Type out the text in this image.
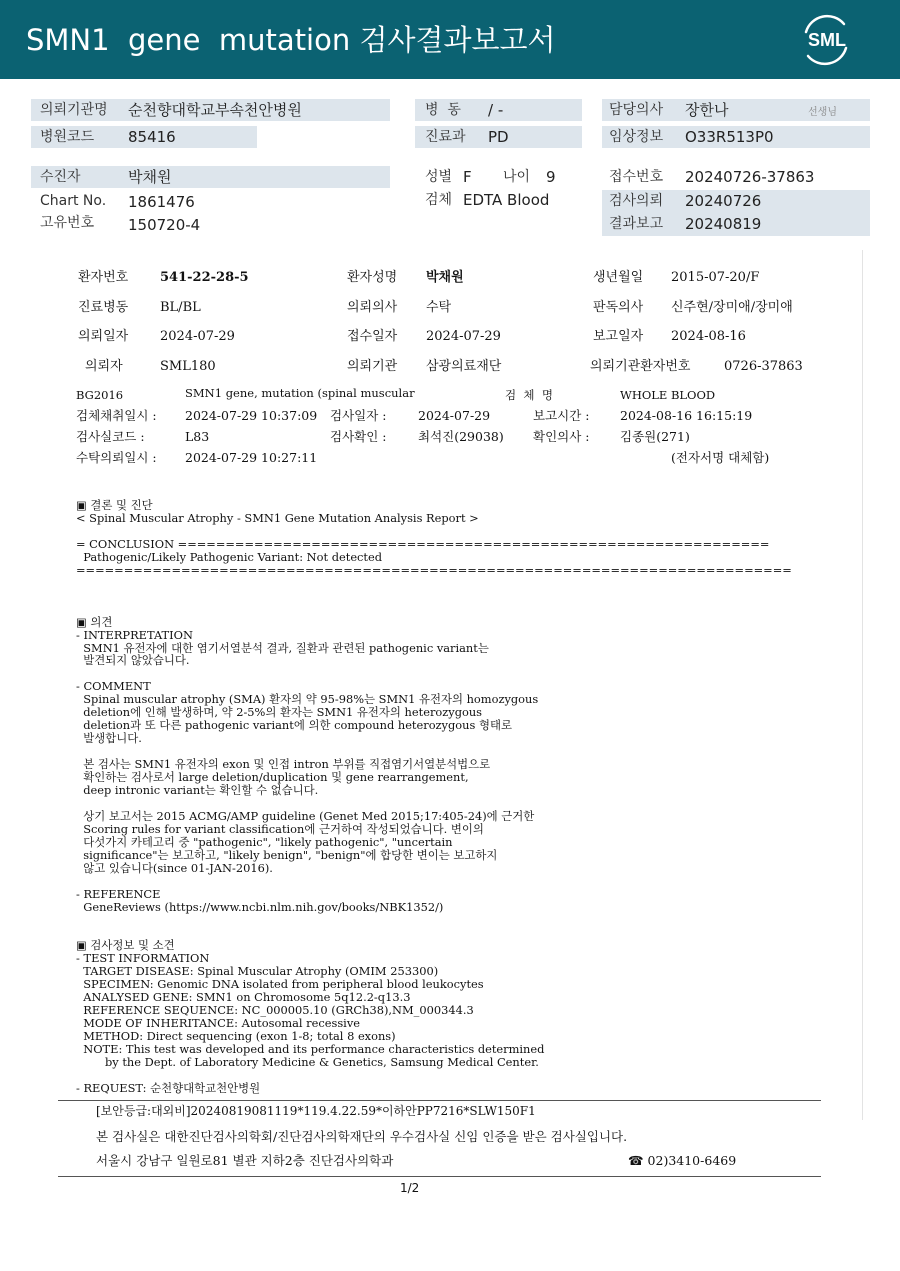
SMN1  gene  mutation 검사결과보고서	SML
의뢰기관명 순천향대학교부속천안병원
병원코드 85416
병  동 / -
진료과 PD
담당의사 장한나	선생님
임상정보 O33R513P0
수진자	박채원
Chart No. 1861476
고유번호 150720-4
성별 F 나이 9
검체 EDTA Blood
접수번호 20240726-37863
검사의뢰 20240726
결과보고 20240819
환자번호 541-22-28-5	환자성명 박채원	생년월일 2015-07-20/F
진료병동 BL/BL	의뢰의사 수탁	판독의사 신주현/장미애/장미애
의뢰일자 2024-07-29	접수일자 2024-07-29	보고일자 2024-08-16
의뢰자	SML180	의뢰기관 삼광의료재단	의뢰기관환자번호	0726-37863
BG2016	SMN1 gene, mutation (spinal muscular	검  체  명	WHOLE BLOOD
검체채취일시 : 2024-07-29 10:37:09 검사일자 :	2024-07-29	보고시간 : 2024-08-16 16:15:19
검사실코드 :	L83	검사확인 :	최석진(29038) 확인의사 : 김종원(271)
수탁의뢰일시 : 2024-07-29 10:27:11	(전자서명 대체함)
▣ 결론 및 진단
< Spinal Muscular Atrophy - SMN1 Gene Mutation Analysis Report >
= CONCLUSION ==============================================================
Pathogenic/Likely Pathogenic Variant: Not detected
===========================================================================
▣ 의견
- INTERPRETATION
SMN1 유전자에 대한 염기서열분석 결과, 질환과 관련된 pathogenic variant는
발견되지 않았습니다.
- COMMENT
Spinal muscular atrophy (SMA) 환자의 약 95-98%는 SMN1 유전자의 homozygous
deletion에 인해 발생하며, 약 2-5%의 환자는 SMN1 유전자의 heterozygous
deletion과 또 다른 pathogenic variant에 의한 compound heterozygous 형태로
발생합니다.
본 검사는 SMN1 유전자의 exon 및 인접 intron 부위를 직접염기서열분석법으로
확인하는 검사로서 large deletion/duplication 및 gene rearrangement,
deep intronic variant는 확인할 수 없습니다.
상기 보고서는 2015 ACMG/AMP guideline (Genet Med 2015;17:405-24)에 근거한
Scoring rules for variant classification에 근거하여 작성되었습니다. 변이의
다섯가지 카테고리 중 "pathogenic", "likely pathogenic", "uncertain
significance"는 보고하고, "likely benign", "benign"에 합당한 변이는 보고하지
않고 있습니다(since 01-JAN-2016).
- REFERENCE
GeneReviews (https://www.ncbi.nlm.nih.gov/books/NBK1352/)
▣ 검사정보 및 소견
- TEST INFORMATION
TARGET DISEASE: Spinal Muscular Atrophy (OMIM 253300)
SPECIMEN: Genomic DNA isolated from peripheral blood leukocytes
ANALYSED GENE: SMN1 on Chromosome 5q12.2-q13.3
REFERENCE SEQUENCE: NC_000005.10 (GRCh38),NM_000344.3
MODE OF INHERITANCE: Autosomal recessive
METHOD: Direct sequencing (exon 1-8; total 8 exons)
NOTE: This test was developed and its performance characteristics determined
by the Dept. of Laboratory Medicine & Genetics, Samsung Medical Center.
- REQUEST: 순천향대학교천안병원
[보안등급:대외비]20240819081119*119.4.22.59*이하안PP7216*SLW150F1
본 검사실은 대한진단검사의학회/진단검사의학재단의 우수검사실 신임 인증을 받은 검사실입니다.
서울시 강남구 일원로81 별관 지하2층 진단검사의학과	☎ 02)3410-6469
1/2
